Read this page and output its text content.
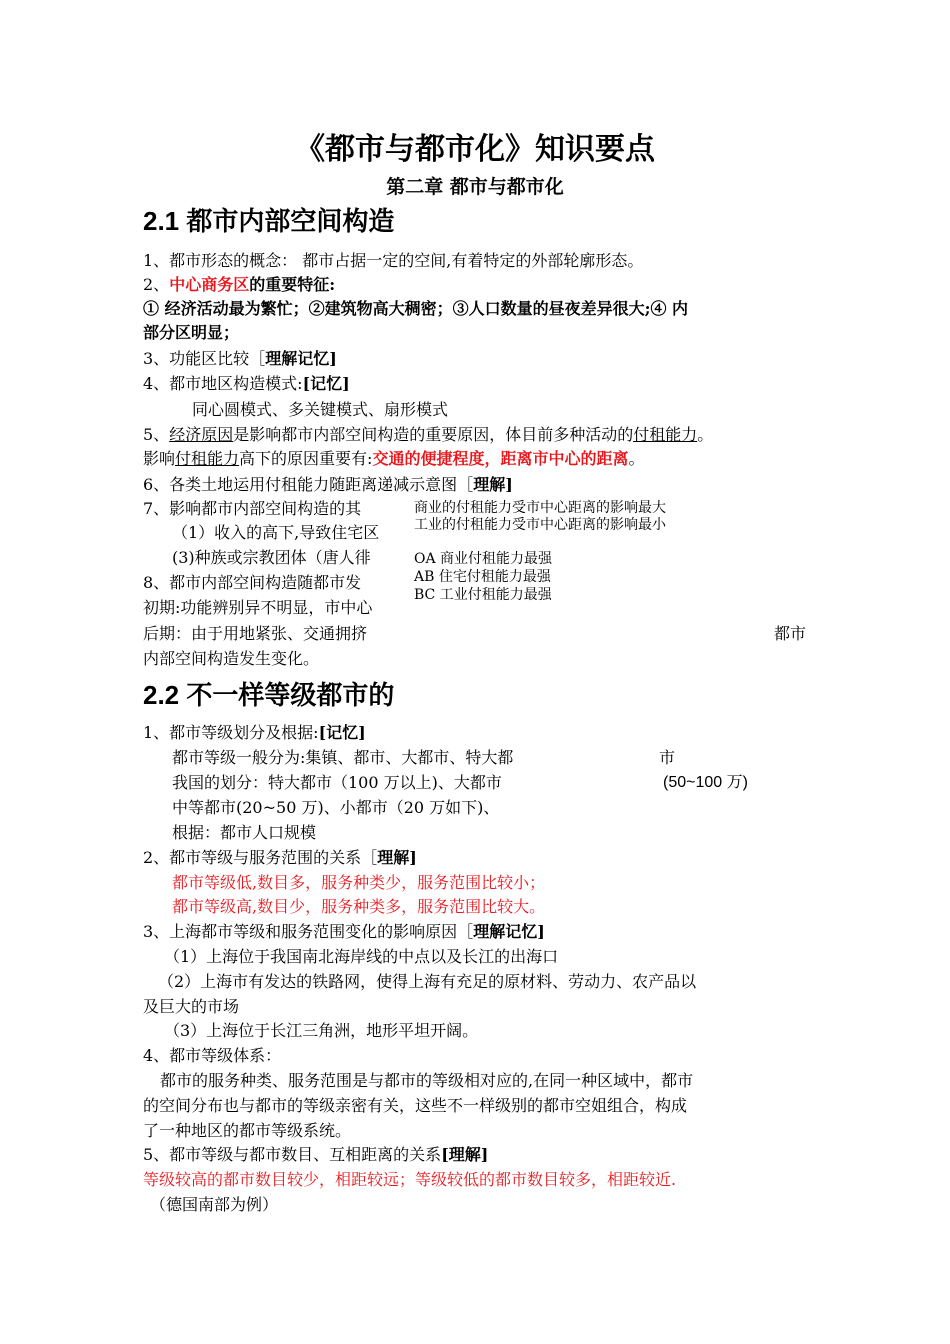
《都市与都市化》知识要点
第二章 都市与都市化
2.1 都市内部空间构造
1、都市形态的概念： 都市占据一定的空间,有着特定的外部轮廓形态。
2、中心商务区的重要特征:
① 经济活动最为繁忙；②建筑物高大稠密；③人口数量的昼夜差异很大;④ 内
部分区明显；
3、功能区比较［理解记忆]
4、都市地区构造模式:[记忆]
同心圆模式、多关键模式、扇形模式
5、经济原因是影响都市内部空间构造的重要原因，体目前多种活动的付租能力。
影响付租能力高下的原因重要有:交通的便捷程度，距离市中心的距离。
6、各类土地运用付租能力随距离递减示意图［理解]
7、影响都市内部空间构造的其
（1）收入的高下,导致住宅区
(3)种族或宗教团体（唐人徘
8、都市内部空间构造随都市发
初期:功能辨别异不明显，市中心
后期：由于用地紧张、交通拥挤	都市
内部空间构造发生变化。
商业的付租能力受市中心距离的影响最大
工业的付租能力受市中心距离的影响最小
OA 商业付租能力最强
AB 住宅付租能力最强
BC 工业付租能力最强
2.2 不一样等级都市的
1、都市等级划分及根据:[记忆]
都市等级一般分为:集镇、都市、大都市、特大都	市
我国的划分：特大都市（100 万以上)、大都市	(50~100 万)
中等都市(20~50 万)、小都市（20 万如下)、
根据：都市人口规模
2、都市等级与服务范围的关系［理解]
都市等级低,数目多，服务种类少，服务范围比较小；
都市等级高,数目少，服务种类多，服务范围比较大。
3、上海都市等级和服务范围变化的影响原因［理解记忆]
（1）上海位于我国南北海岸线的中点以及长江的出海口
（2）上海市有发达的铁路网，使得上海有充足的原材料、劳动力、农产品以
及巨大的市场
（3）上海位于长江三角洲，地形平坦开阔。
4、都市等级体系：
都市的服务种类、服务范围是与都市的等级相对应的,在同一种区域中，都市
的空间分布也与都市的等级亲密有关，这些不一样级别的都市空姐组合，构成
了一种地区的都市等级系统。
5、都市等级与都市数目、互相距离的关系[理解]
等级较高的都市数目较少，相距较远；等级较低的都市数目较多，相距较近.
（德国南部为例）
